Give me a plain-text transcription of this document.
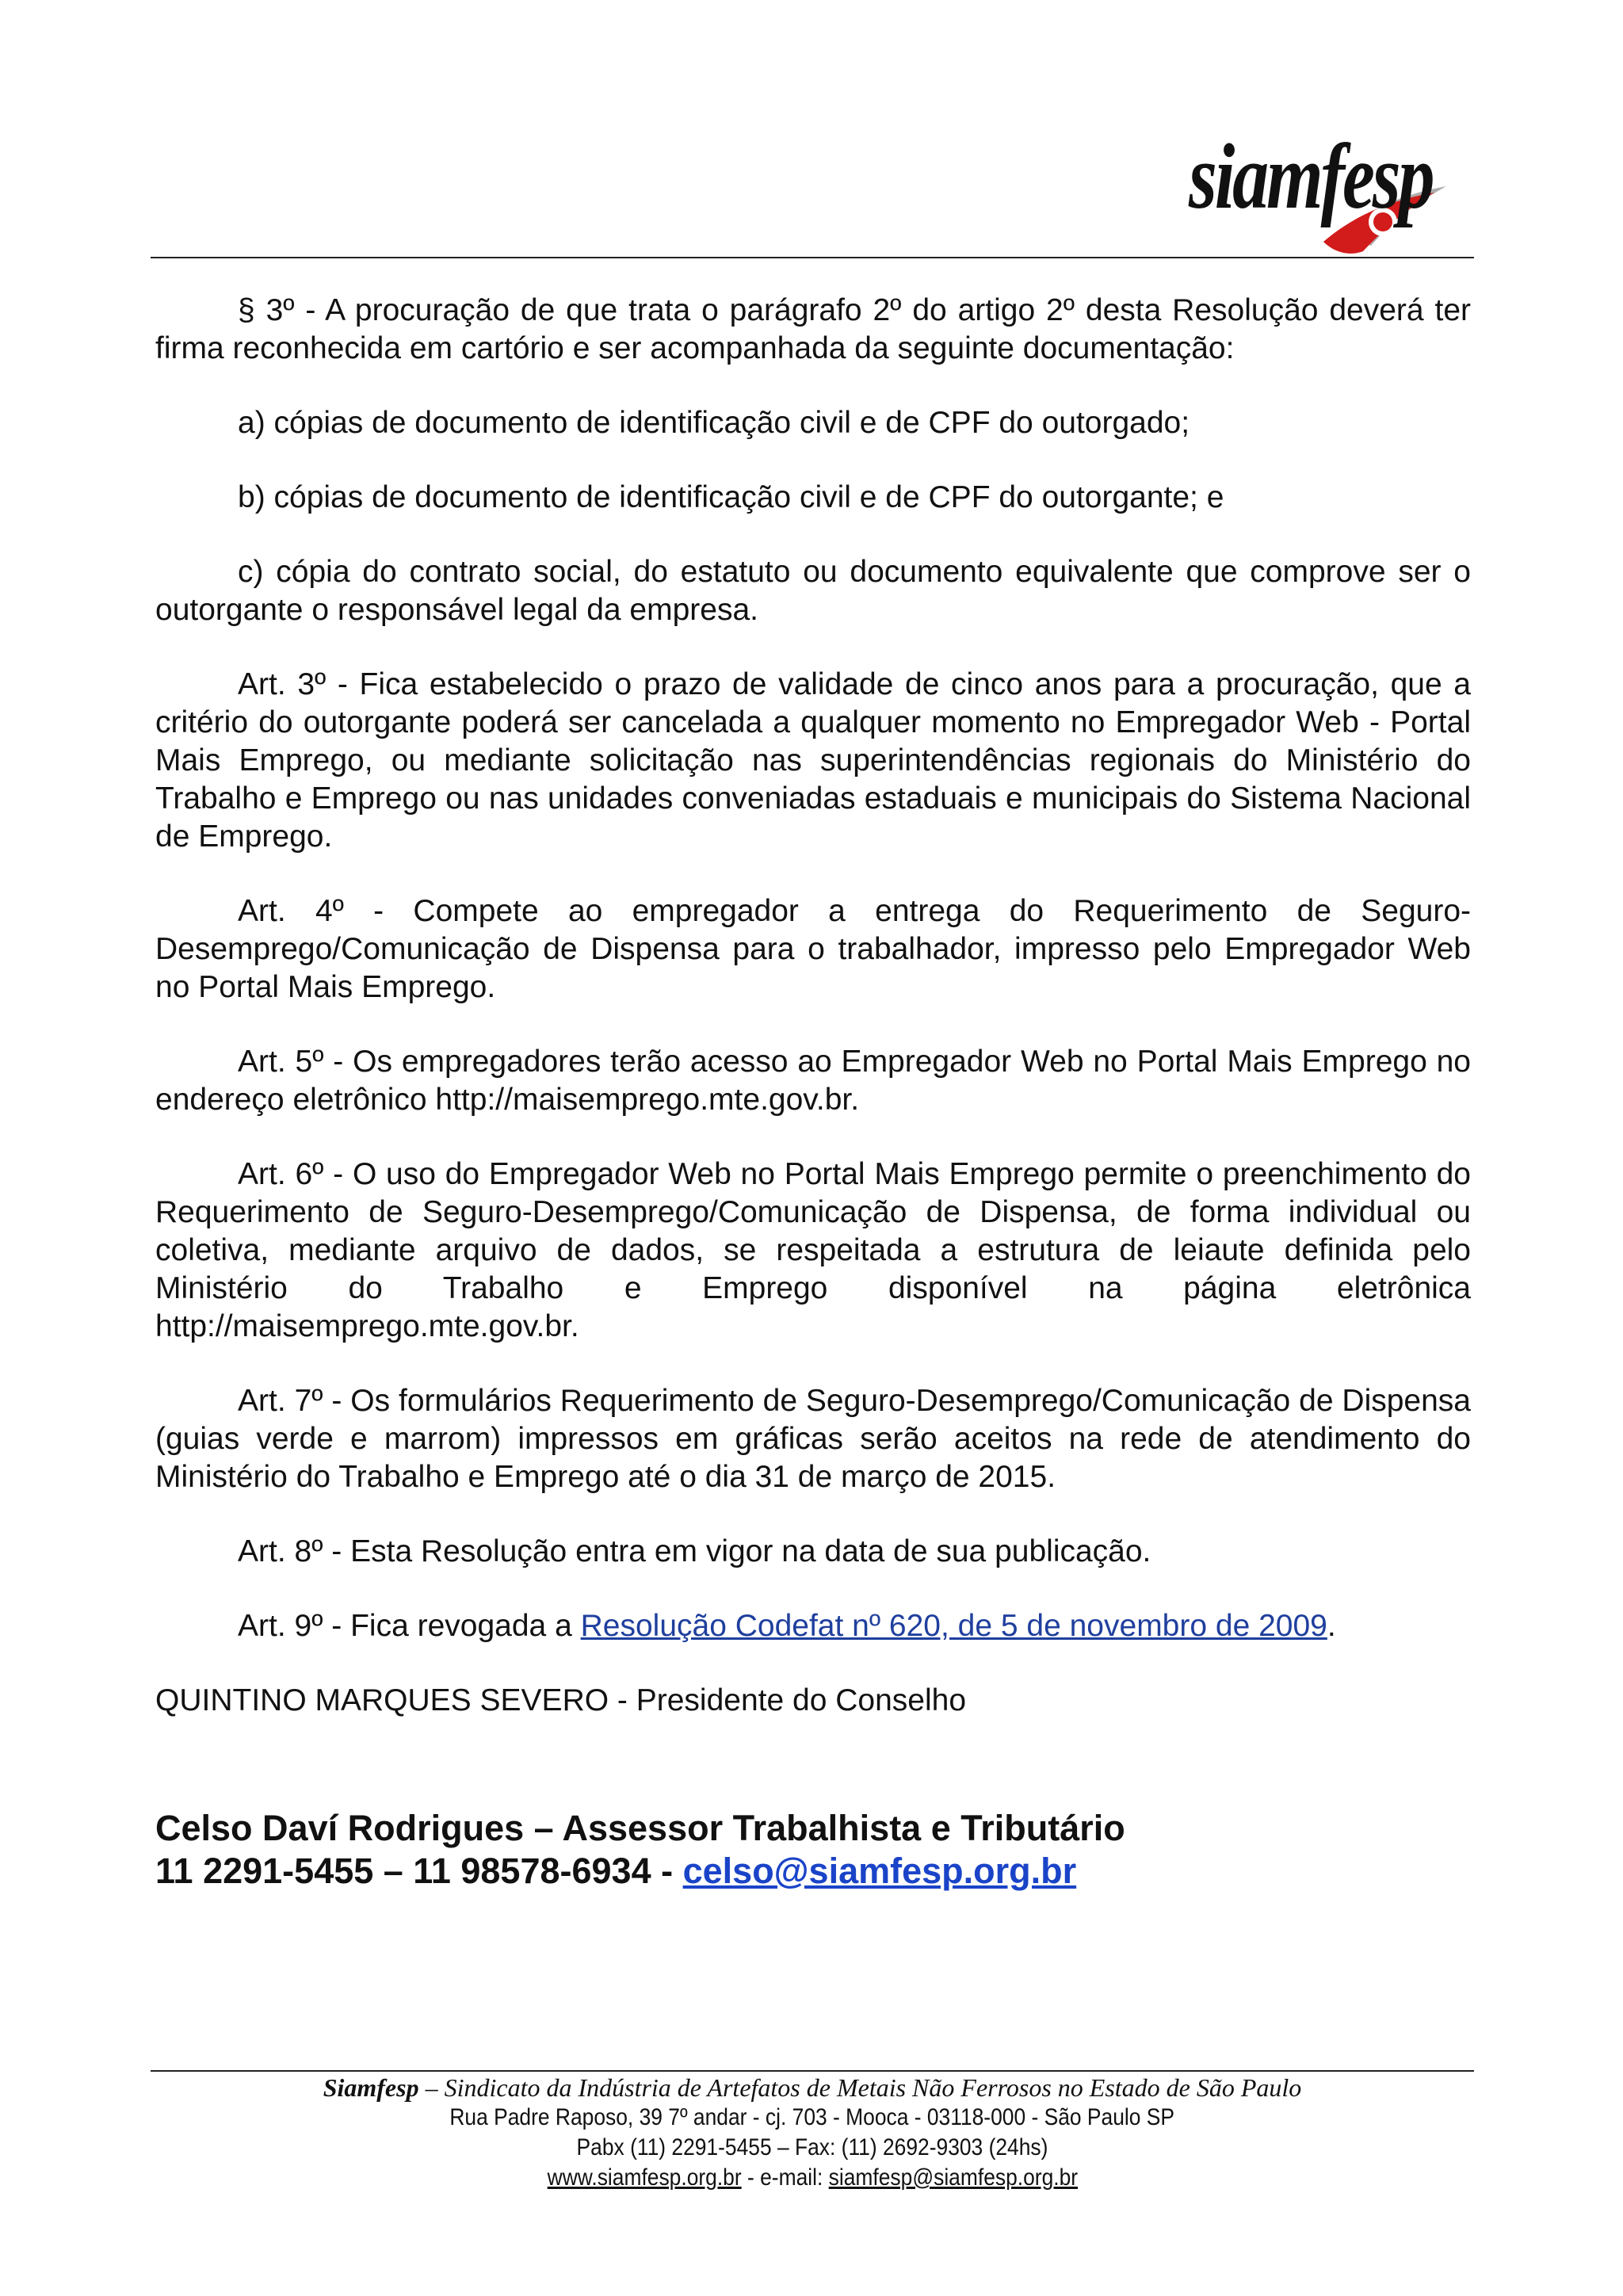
siamfesp

§ 3º - A procuração de que trata o parágrafo 2º do artigo 2º desta Resolução deverá ter firma reconhecida em cartório e ser acompanhada da seguinte documentação:

a) cópias de documento de identificação civil e de CPF do outorgado;

b) cópias de documento de identificação civil e de CPF do outorgante; e

c) cópia do contrato social, do estatuto ou documento equivalente que comprove ser o outorgante o responsável legal da empresa.

Art. 3º - Fica estabelecido o prazo de validade de cinco anos para a procuração, que a critério do outorgante poderá ser cancelada a qualquer momento no Empregador Web - Portal Mais Emprego, ou mediante solicitação nas superintendências regionais do Ministério do Trabalho e Emprego ou nas unidades conveniadas estaduais e municipais do Sistema Nacional de Emprego.

Art. 4º - Compete ao empregador a entrega do Requerimento de Seguro-Desemprego/Comunicação de Dispensa para o trabalhador, impresso pelo Empregador Web no Portal Mais Emprego.

Art. 5º - Os empregadores terão acesso ao Empregador Web no Portal Mais Emprego no endereço eletrônico http://maisemprego.mte.gov.br.

Art. 6º - O uso do Empregador Web no Portal Mais Emprego permite o preenchimento do Requerimento de Seguro-Desemprego/Comunicação de Dispensa, de forma individual ou coletiva, mediante arquivo de dados, se respeitada a estrutura de leiaute definida pelo Ministério do Trabalho e Emprego disponível na página eletrônica http://maisemprego.mte.gov.br.

Art. 7º - Os formulários Requerimento de Seguro-Desemprego/Comunicação de Dispensa (guias verde e marrom) impressos em gráficas serão aceitos na rede de atendimento do Ministério do Trabalho e Emprego até o dia 31 de março de 2015.

Art. 8º - Esta Resolução entra em vigor na data de sua publicação.

Art. 9º - Fica revogada a Resolução Codefat nº 620, de 5 de novembro de 2009.

QUINTINO MARQUES SEVERO - Presidente do Conselho

Celso Daví Rodrigues – Assessor Trabalhista e Tributário
11 2291-5455 – 11 98578-6934 - celso@siamfesp.org.br
Siamfesp – Sindicato da Indústria de Artefatos de Metais Não Ferrosos no Estado de São Paulo
Rua Padre Raposo, 39 7º andar - cj. 703 - Mooca - 03118-000 - São Paulo SP
Pabx (11) 2291-5455 – Fax: (11) 2692-9303 (24hs)
www.siamfesp.org.br - e-mail: siamfesp@siamfesp.org.br
